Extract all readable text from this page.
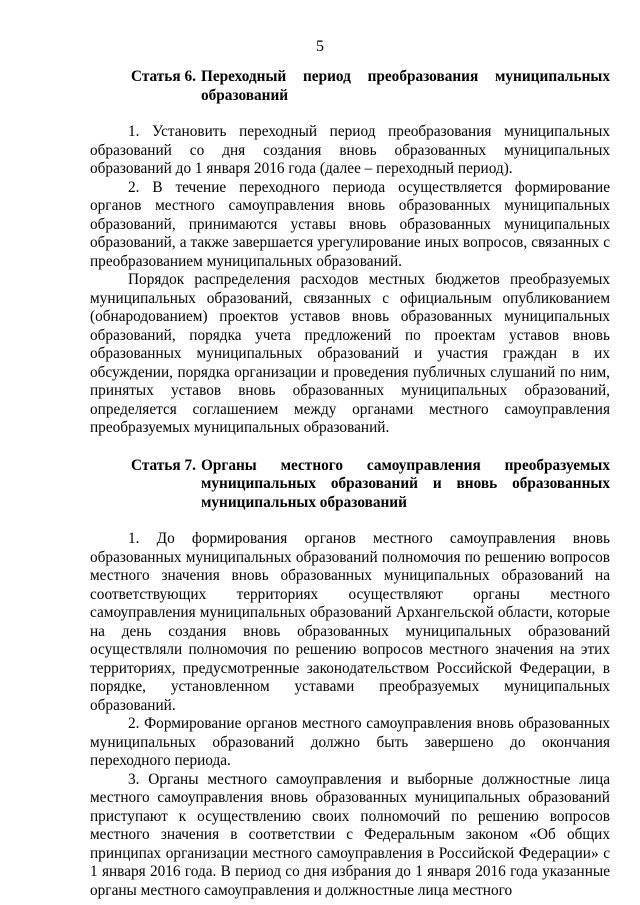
5
Статья 6. Переходный период преобразования муниципальных
образований

1. Установить переходный период преобразования муниципальных образований со дня создания вновь образованных муниципальных образований до 1 января 2016 года (далее – переходный период).

2. В течение переходного периода осуществляется формирование органов местного самоуправления вновь образованных муниципальных образований, принимаются уставы вновь образованных муниципальных образований, а также завершается урегулирование иных вопросов, связанных с преобразованием муниципальных образований.

Порядок распределения расходов местных бюджетов преобразуемых муниципальных образований, связанных с официальным опубликованием (обнародованием) проектов уставов вновь образованных муниципальных образований, порядка учета предложений по проектам уставов вновь образованных муниципальных образований и участия граждан в их обсуждении, порядка организации и проведения публичных слушаний по ним, принятых уставов вновь образованных муниципальных образований, определяется соглашением между органами местного самоуправления преобразуемых муниципальных образований.

Статья 7. Органы местного самоуправления преобразуемых
муниципальных образований и вновь образованных
муниципальных образований

1. До формирования органов местного самоуправления вновь образованных муниципальных образований полномочия по решению вопросов местного значения вновь образованных муниципальных образований на соответствующих территориях осуществляют органы местного самоуправления муниципальных образований Архангельской области, которые на день создания вновь образованных муниципальных образований осуществляли полномочия по решению вопросов местного значения на этих территориях, предусмотренные законодательством Российской Федерации, в порядке, установленном уставами преобразуемых муниципальных образований.

2. Формирование органов местного самоуправления вновь образованных муниципальных образований должно быть завершено до окончания переходного периода.

3. Органы местного самоуправления и выборные должностные лица местного самоуправления вновь образованных муниципальных образований приступают к осуществлению своих полномочий по решению вопросов местного значения в соответствии с Федеральным законом «Об общих принципах организации местного самоуправления в Российской Федерации» с 1 января 2016 года. В период со дня избрания до 1 января 2016 года указанные органы местного самоуправления и должностные лица местного
